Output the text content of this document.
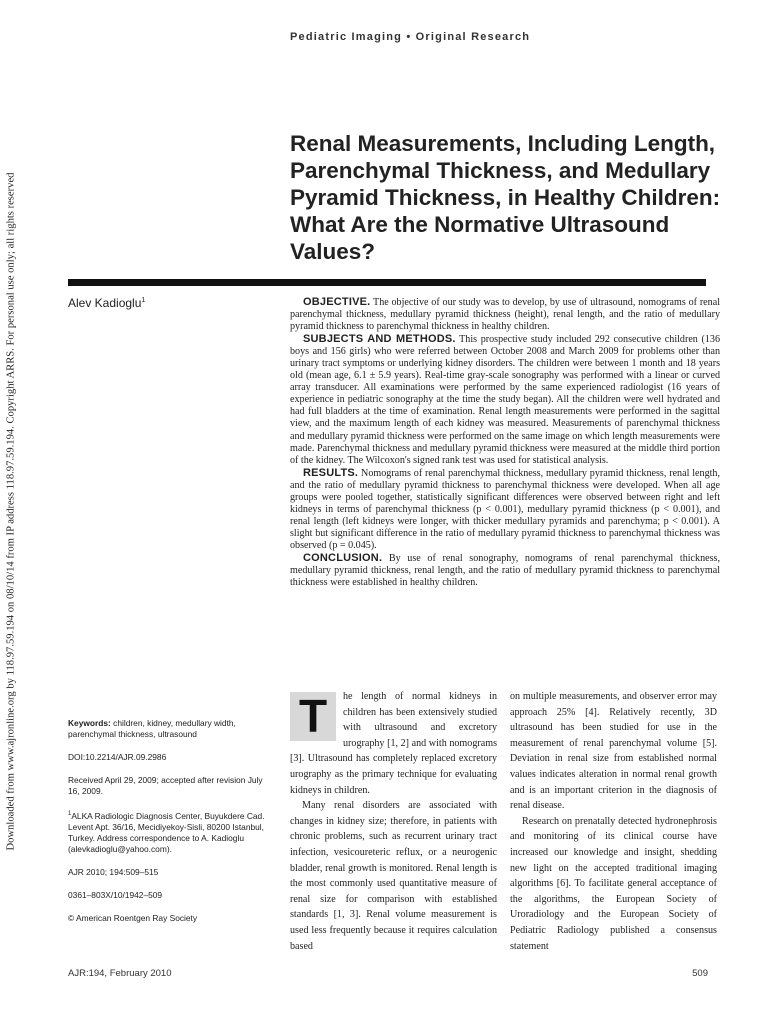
Pediatric Imaging • Original Research
Downloaded from www.ajronline.org by 118.97.59.194 on 08/10/14 from IP address 118.97.59.194. Copyright ARRS. For personal use only; all rights reserved
Renal Measurements, Including Length, Parenchymal Thickness, and Medullary Pyramid Thickness, in Healthy Children: What Are the Normative Ultrasound Values?
Alev Kadioglu$^1$	OBJECTIVE. The objective of our study was to develop, by use of ultrasound, nomograms of renal parenchymal thickness, medullary pyramid thickness (height), renal length, and the ratio of medullary pyramid thickness to parenchymal thickness in healthy children.

SUBJECTS AND METHODS. This prospective study included 292 consecutive children (136 boys and 156 girls) who were referred between October 2008 and March 2009 for problems other than urinary tract symptoms or underlying kidney disorders. The children were between 1 month and 18 years old (mean age, 6.1 ± 5.9 years). Real-time gray-scale sonography was performed with a linear or curved array transducer. All examinations were performed by the same experienced radiologist (16 years of experience in pediatric sonography at the time the study began). All the children were well hydrated and had full bladders at the time of examination. Renal length measurements were performed in the sagittal view, and the maximum length of each kidney was measured. Measurements of parenchymal thickness and medullary pyramid thickness were performed on the same image on which length measurements were made. Parenchymal thickness and medullary pyramid thickness were measured at the middle third portion of the kidney. The Wilcoxon's signed rank test was used for statistical analysis.

RESULTS. Nomograms of renal parenchymal thickness, medullary pyramid thickness, renal length, and the ratio of medullary pyramid thickness to parenchymal thickness were developed. When all age groups were pooled together, statistically significant differences were observed between right and left kidneys in terms of parenchymal thickness (p < 0.001), medullary pyramid thickness (p < 0.001), and renal length (left kidneys were longer, with thicker medullary pyramids and parenchyma; p < 0.001). A slight but significant difference in the ratio of medullary pyramid thickness to parenchymal thickness was observed (p = 0.045).

CONCLUSION. By use of renal sonography, nomograms of renal parenchymal thickness, medullary pyramid thickness, renal length, and the ratio of medullary pyramid thickness to parenchymal thickness were established in healthy children.

Keywords: children, kidney, medullary width, parenchymal thickness, ultrasound

DOI:10.2214/AJR.09.2986

Received April 29, 2009; accepted after revision July 16, 2009.

$^1$ALKA Radiologic Diagnosis Center, Buyukdere Cad. Levent Apt. 36/16, Mecidiyekoy-Sisli, 80200 Istanbul, Turkey. Address correspondence to A. Kadioglu (alevkadioglu@yahoo.com).

AJR 2010; 194:509–515

0361–803X/10/1942–509

© American Roentgen Ray Society

T	he length of normal kidneys in children has been extensively studied with ultrasound and excretory urography [1, 2] and with nomograms [3]. Ultrasound has completely replaced excretory urography as the primary technique for evaluating kidneys in children.

Many renal disorders are associated with changes in kidney size; therefore, in patients with chronic problems, such as recurrent urinary tract infection, vesicoureteric reflux, or a neurogenic bladder, renal growth is monitored. Renal length is the most commonly used quantitative measure of renal size for comparison with established standards [1, 3]. Renal volume measurement is used less frequently because it requires calculation based

on multiple measurements, and observer error may approach 25% [4]. Relatively recently, 3D ultrasound has been studied for use in the measurement of renal parenchymal volume [5]. Deviation in renal size from established normal values indicates alteration in normal renal growth and is an important criterion in the diagnosis of renal disease.

Research on prenatally detected hydronephrosis and monitoring of its clinical course have increased our knowledge and insight, shedding new light on the accepted traditional imaging algorithms [6]. To facilitate general acceptance of the algorithms, the European Society of Uroradiology and the European Society of Pediatric Radiology published a consensus statement

AJR:194, February 2010	509
